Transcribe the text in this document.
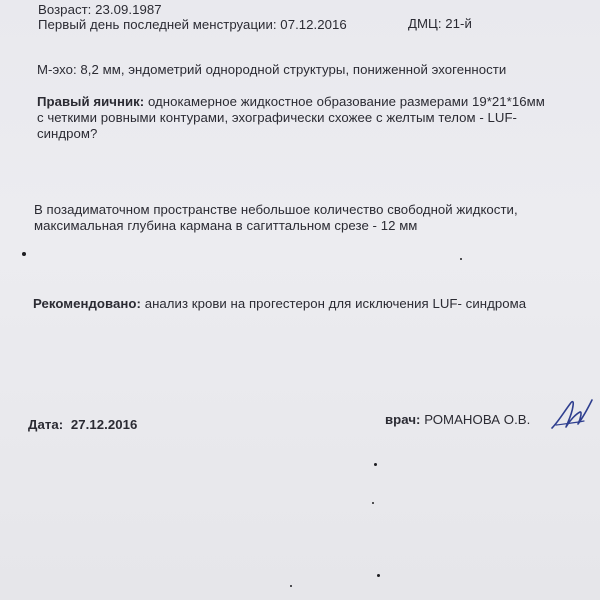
Возраст: 23.09.1987
Первый день последней менструации: 07.12.2016	ДМЦ: 21-й
М-эхо: 8,2 мм, эндометрий однородной структуры, пониженной эхогенности
Правый яичник: однокамерное жидкостное образование размерами 19*21*16мм
с четкими ровными контурами, эхографически схожее с желтым телом - LUF-
синдром?
В позадиматочном пространстве небольшое количество свободной жидкости,
максимальная глубина кармана в сагиттальном срезе - 12 мм
Рекомендовано: анализ крови на прогестерон для исключения LUF- синдрома
Дата: 27.12.2016	врач: РОМАНОВА О.В.
